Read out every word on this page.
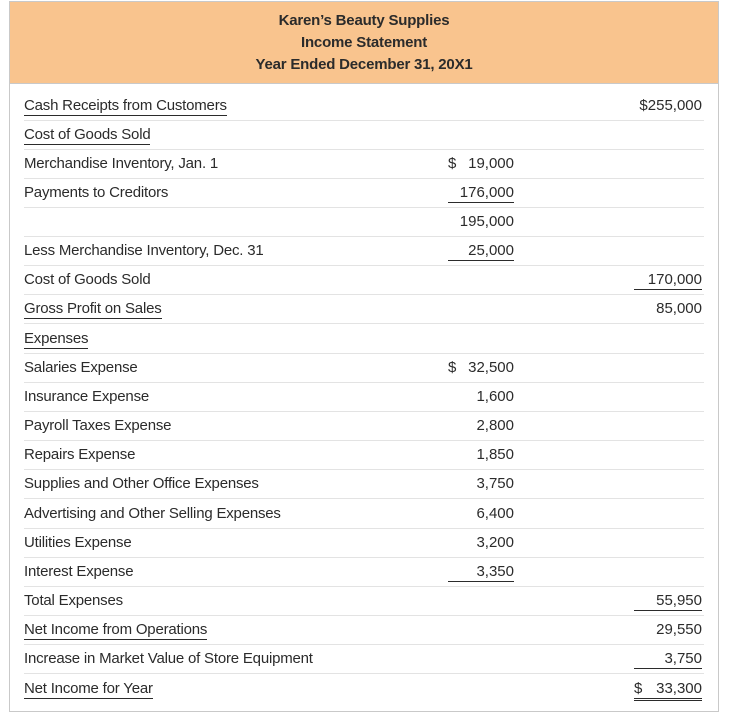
Karen’s Beauty Supplies
Income Statement
Year Ended December 31, 20X1
Cash Receipts from Customers	$255,000
Cost of Goods Sold
Merchandise Inventory, Jan. 1	$ 19,000
Payments to Creditors	176,000
195,000
Less Merchandise Inventory, Dec. 31	25,000
Cost of Goods Sold	170,000
Gross Profit on Sales	85,000
Expenses
Salaries Expense	$ 32,500
Insurance Expense	1,600
Payroll Taxes Expense	2,800
Repairs Expense	1,850
Supplies and Other Office Expenses	3,750
Advertising and Other Selling Expenses	6,400
Utilities Expense	3,200
Interest Expense	3,350
Total Expenses	55,950
Net Income from Operations	29,550
Increase in Market Value of Store Equipment	3,750
Net Income for Year	$ 33,300
